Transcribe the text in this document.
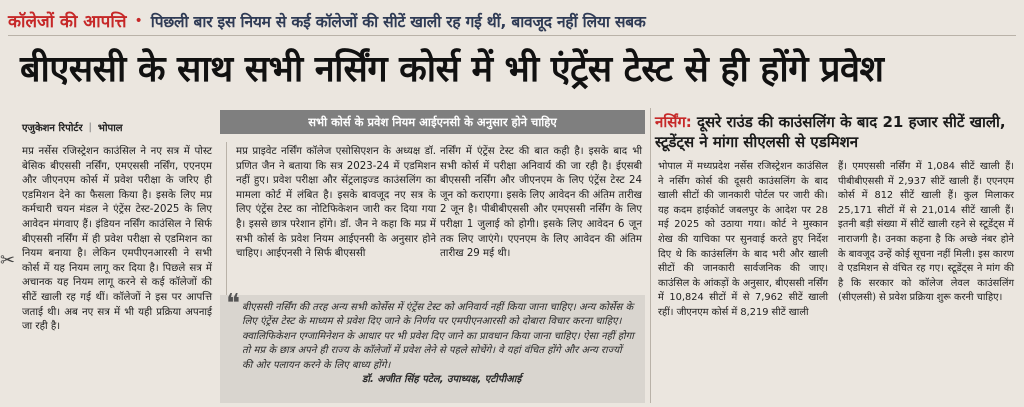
कॉलेजों की आपत्ति • पिछली बार इस नियम से कई कॉलेजों की सीटें खाली रह गई थीं, बावजूद नहीं लिया सबक
बीएससी के साथ सभी नर्सिंग कोर्स में भी एंट्रेंस टेस्ट से ही होंगे प्रवेश
एजुकेशन रिपोर्टर | भोपाल
✂
सभी कोर्स के प्रवेश नियम आईएनसी के अनुसार होने चाहिए
मप्र नर्सेस रजिस्ट्रेशन काउंसिल ने नए सत्र में पोस्ट बेसिक बीएससी नर्सिंग, एमएससी नर्सिंग, एएनएम और जीएनएम कोर्स में प्रवेश परीक्षा के जरिए ही एडमिशन देने का फैसला किया है। इसके लिए मप्र कर्मचारी चयन मंडल ने एंट्रेंस टेस्ट-2025 के लिए आवेदन मंगवाए हैं। इंडियन नर्सिंग काउंसिल ने सिर्फ बीएससी नर्सिंग में ही प्रवेश परीक्षा से एडमिशन का नियम बनाया है। लेकिन एमपीएनआरसी ने सभी कोर्स में यह नियम लागू कर दिया है। पिछले सत्र में अचानक यह नियम लागू करने से कई कॉलेजों की सीटें खाली रह गई थीं। कॉलेजों ने इस पर आपत्ति जताई थी। अब नए सत्र में भी यही प्रक्रिया अपनाई जा रही है।
मप्र प्राइवेट नर्सिंग कॉलेज एसोसिएशन के अध्यक्ष डॉ. प्रणित जैन ने बताया कि सत्र 2023-24 में एडमिशन नहीं हुए। प्रवेश परीक्षा और सेंट्रलाइज्ड काउंसलिंग का मामला कोर्ट में लंबित है। इसके बावजूद नए सत्र के लिए एंट्रेंस टेस्ट का नोटिफिकेशन जारी कर दिया गया है। इससे छात्र परेशान होंगे। डॉ. जैन ने कहा कि मप्र में सभी कोर्स के प्रवेश नियम आईएनसी के अनुसार होने चाहिए। आईएनसी ने सिर्फ बीएससी
नर्सिंग में एंट्रेंस टेस्ट की बात कही है। इसके बाद भी सभी कोर्स में परीक्षा अनिवार्य की जा रही है। ईएसबी बीएससी नर्सिंग और जीएनएम के लिए एंट्रेंस टेस्ट 24 जून को कराएगा। इसके लिए आवेदन की अंतिम तारीख 2 जून है। पीबीबीएससी और एमएससी नर्सिंग के लिए परीक्षा 1 जुलाई को होगी। इसके लिए आवेदन 6 जून तक लिए जाएंगे। एएनएम के लिए आवेदन की अंतिम तारीख 29 मई थी।
❝ बीएससी नर्सिंग की तरह अन्य सभी कोर्सेस में एंट्रेंस टेस्ट को अनिवार्य नहीं किया जाना चाहिए। अन्य कोर्सेस के लिए एंट्रेंस टेस्ट के माध्यम से प्रवेश दिए जाने के निर्णय पर एमपीएनआरसी को दोबारा विचार करना चाहिए। क्वालिफिकेशन एग्जामिनेशन के आधार पर भी प्रवेश दिए जाने का प्रावधान किया जाना चाहिए। ऐसा नहीं होगा तो मप्र के छात्र अपने ही राज्य के कॉलेजों में प्रवेश लेने से पहले सोचेंगे। वे यहां वंचित होंगे और अन्य राज्यों की ओर पलायन करने के लिए बाध्य होंगे।
डॉ. अजीत सिंह पटेल, उपाध्यक्ष, एटीपीआई
नर्सिंग: दूसरे राउंड की काउंसलिंग के बाद 21 हजार सीटें खाली, स्टूडेंट्स ने मांगा सीएलसी से एडमिशन
भोपाल में मध्यप्रदेश नर्सेस रजिस्ट्रेशन काउंसिल ने नर्सिंग कोर्स की दूसरी काउंसलिंग के बाद खाली सीटों की जानकारी पोर्टल पर जारी की। यह कदम हाईकोर्ट जबलपुर के आदेश पर 28 मई 2025 को उठाया गया। कोर्ट ने मुस्कान शेख की याचिका पर सुनवाई करते हुए निर्देश दिए थे कि काउंसलिंग के बाद भरी और खाली सीटों की जानकारी सार्वजनिक की जाए। काउंसिल के आंकड़ों के अनुसार, बीएससी नर्सिंग में 10,824 सीटों में से 7,962 सीटें खाली रहीं। जीएनएम कोर्स में 8,219 सीटें खाली
हैं। एमएससी नर्सिंग में 1,084 सीटें खाली हैं। पीबीबीएससी में 2,937 सीटें खाली हैं। एएनएम कोर्स में 812 सीटें खाली हैं। कुल मिलाकर 25,171 सीटों में से 21,014 सीटें खाली हैं। इतनी बड़ी संख्या में सीटें खाली रहने से स्टूडेंट्स में नाराजगी है। उनका कहना है कि अच्छे नंबर होने के बावजूद उन्हें कोई सूचना नहीं मिली। इस कारण वे एडमिशन से वंचित रह गए। स्टूडेंट्स ने मांग की है कि सरकार को कॉलेज लेवल काउंसलिंग (सीएलसी) से प्रवेश प्रक्रिया शुरू करनी चाहिए।
